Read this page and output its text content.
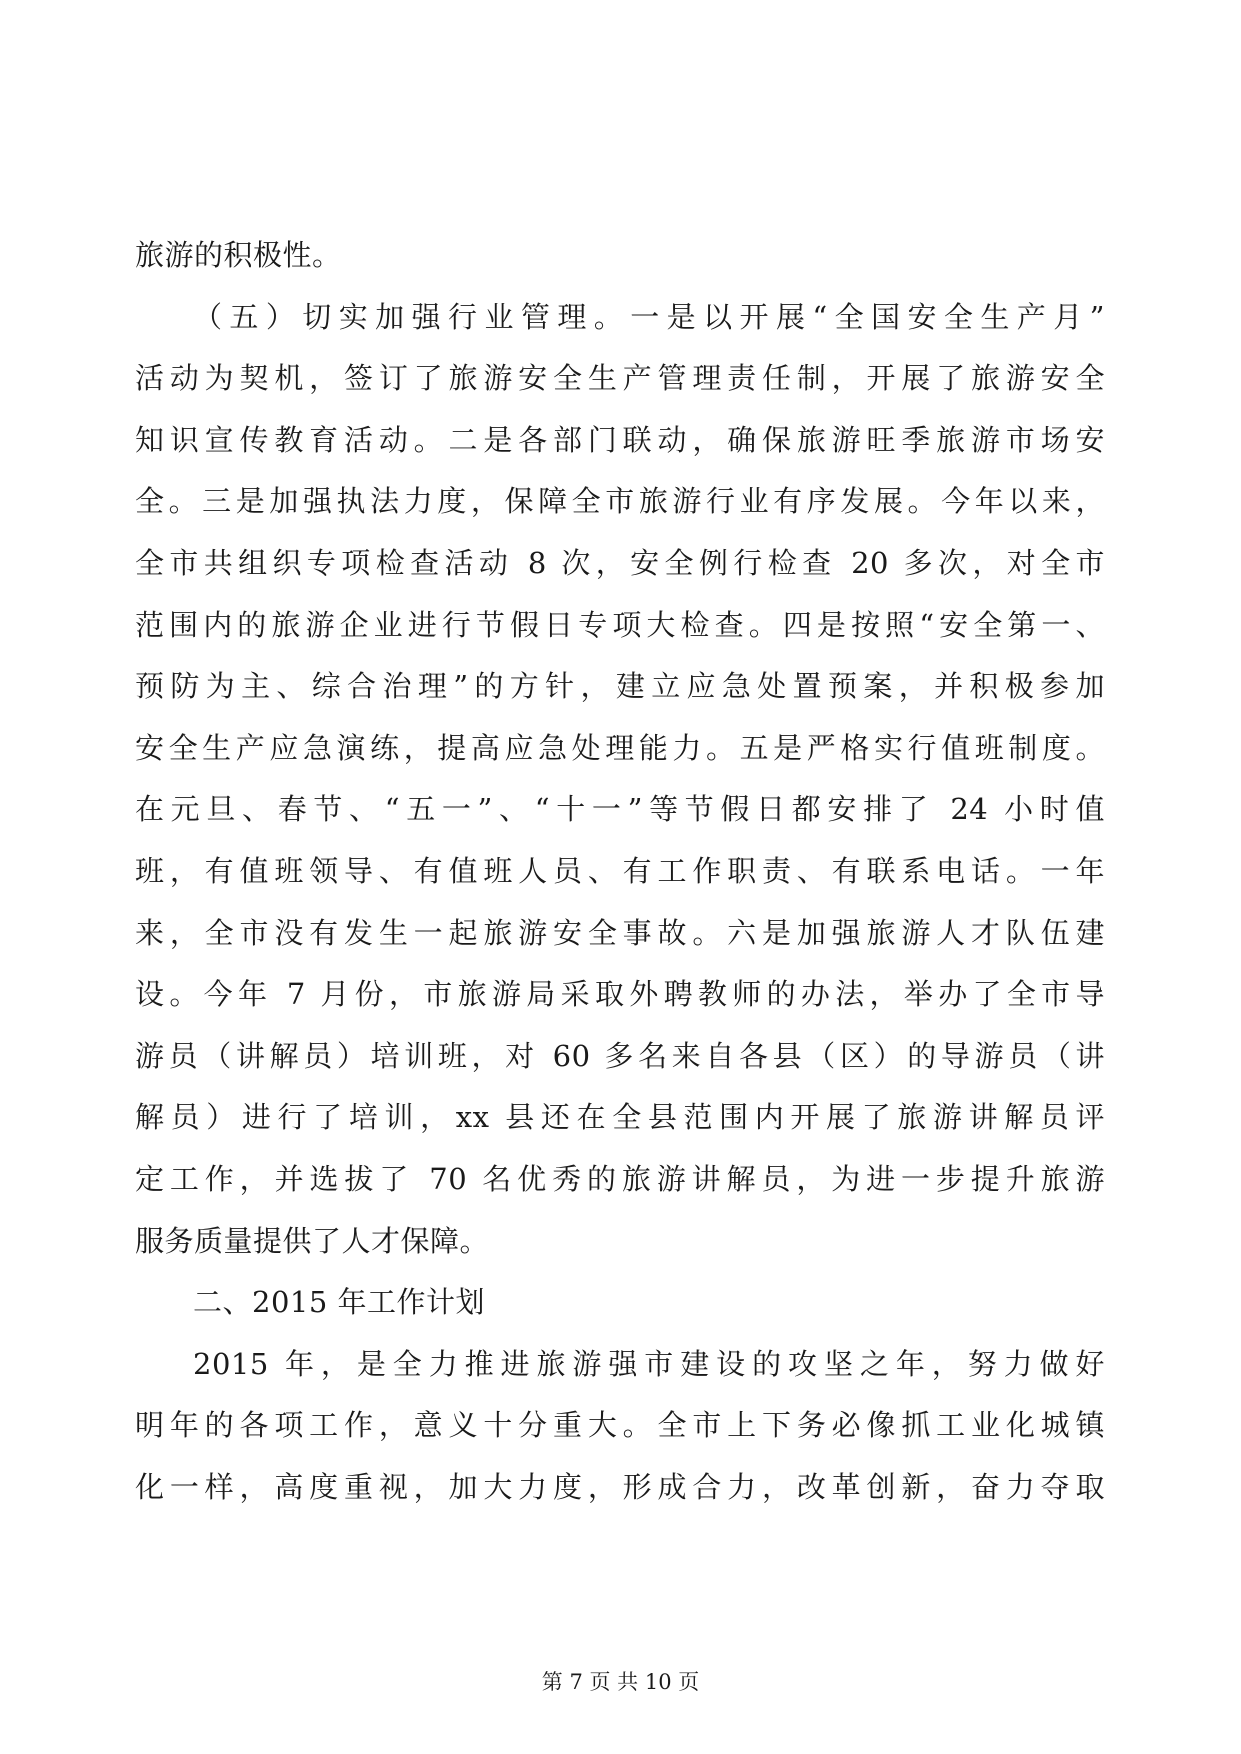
旅游的积极性。
（五）切实加强行业管理。一是以开展“全国安全生产月”
活动为契机，签订了旅游安全生产管理责任制，开展了旅游安全
知识宣传教育活动。二是各部门联动，确保旅游旺季旅游市场安
全。三是加强执法力度，保障全市旅游行业有序发展。今年以来，
全市共组织专项检查活动 8 次，安全例行检查 20 多次，对全市
范围内的旅游企业进行节假日专项大检查。四是按照“安全第一、
预防为主、综合治理”的方针，建立应急处置预案，并积极参加
安全生产应急演练，提高应急处理能力。五是严格实行值班制度。
在元旦、春节、“五一”、“十一”等节假日都安排了 24 小时值
班，有值班领导、有值班人员、有工作职责、有联系电话。一年
来，全市没有发生一起旅游安全事故。六是加强旅游人才队伍建
设。今年 7 月份，市旅游局采取外聘教师的办法，举办了全市导
游员（讲解员）培训班，对 60 多名来自各县（区）的导游员（讲
解员）进行了培训，xx 县还在全县范围内开展了旅游讲解员评
定工作，并选拔了 70 名优秀的旅游讲解员，为进一步提升旅游
服务质量提供了人才保障。
二、2015 年工作计划
2015 年，是全力推进旅游强市建设的攻坚之年，努力做好
明年的各项工作，意义十分重大。全市上下务必像抓工业化城镇
化一样，高度重视，加大力度，形成合力，改革创新，奋力夺取
第 7 页 共 10 页
